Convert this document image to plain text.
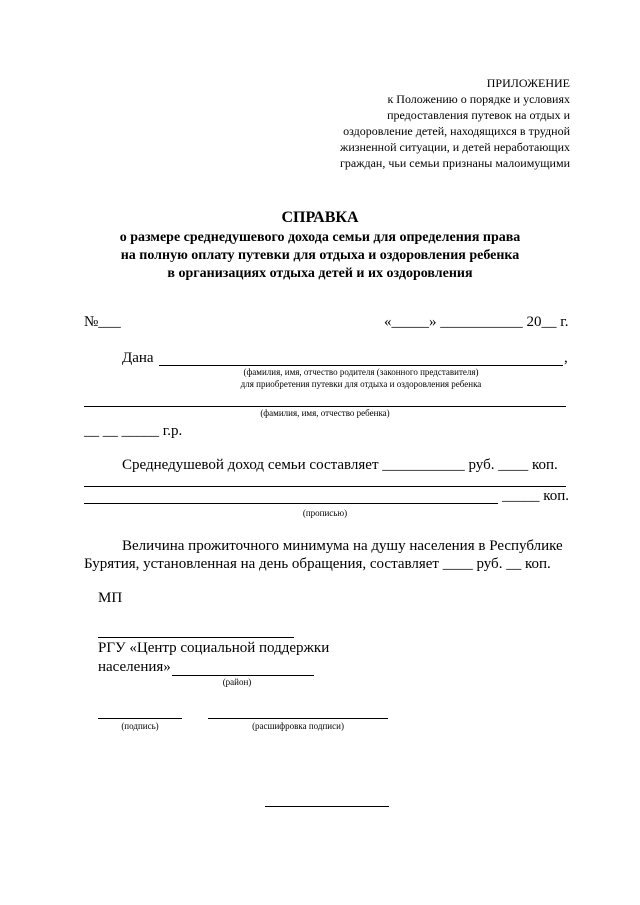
ПРИЛОЖЕНИЕ
к Положению о порядке и условиях
предоставления путевок на отдых и
оздоровление детей, находящихся в трудной
жизненной ситуации, и детей неработающих
граждан, чьи семьи признаны малоимущими
СПРАВКА
о размере среднедушевого дохода семьи для определения права
на полную оплату путевки для отдыха и оздоровления ребенка
в организациях отдыха детей и их оздоровления
№___	«_____» ___________ 20__ г.
Дана	,
(фамилия, имя, отчество родителя (законного представителя)
для приобретения путевки для отдыха и оздоровления ребенка
(фамилия, имя, отчество ребенка)
__ __ _____ г.р.
Среднедушевой доход семьи составляет ___________ руб. ____ коп.
_____ коп.
(прописью)
Величина прожиточного минимума на душу населения в Республике
Бурятия, установленная на день обращения, составляет ____ руб. __ коп.
МП
РГУ «Центр социальной поддержки
населения»
(район)
(подпись)	(расшифровка подписи)
